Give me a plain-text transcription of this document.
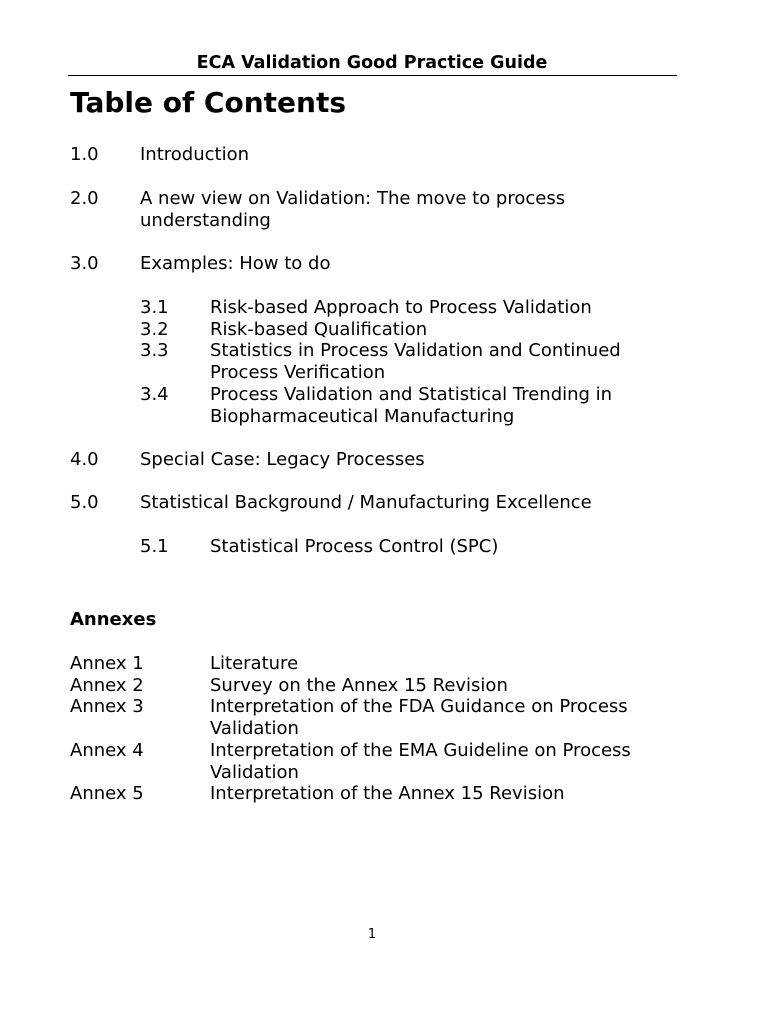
ECA Validation Good Practice Guide
Table of Contents
1.0 Introduction
2.0 A new view on Validation: The move to process understanding
3.0 Examples: How to do
3.1 Risk-based Approach to Process Validation
3.2 Risk-based Qualification
3.3 Statistics in Process Validation and Continued Process Verification
3.4 Process Validation and Statistical Trending in Biopharmaceutical Manufacturing
4.0 Special Case: Legacy Processes
5.0 Statistical Background / Manufacturing Excellence
5.1 Statistical Process Control (SPC)
Annexes
Annex 1	Literature
Annex 2	Survey on the Annex 15 Revision
Annex 3	Interpretation of the FDA Guidance on Process Validation
Annex 4	Interpretation of the EMA Guideline on Process Validation
Annex 5	Interpretation of the Annex 15 Revision
1
